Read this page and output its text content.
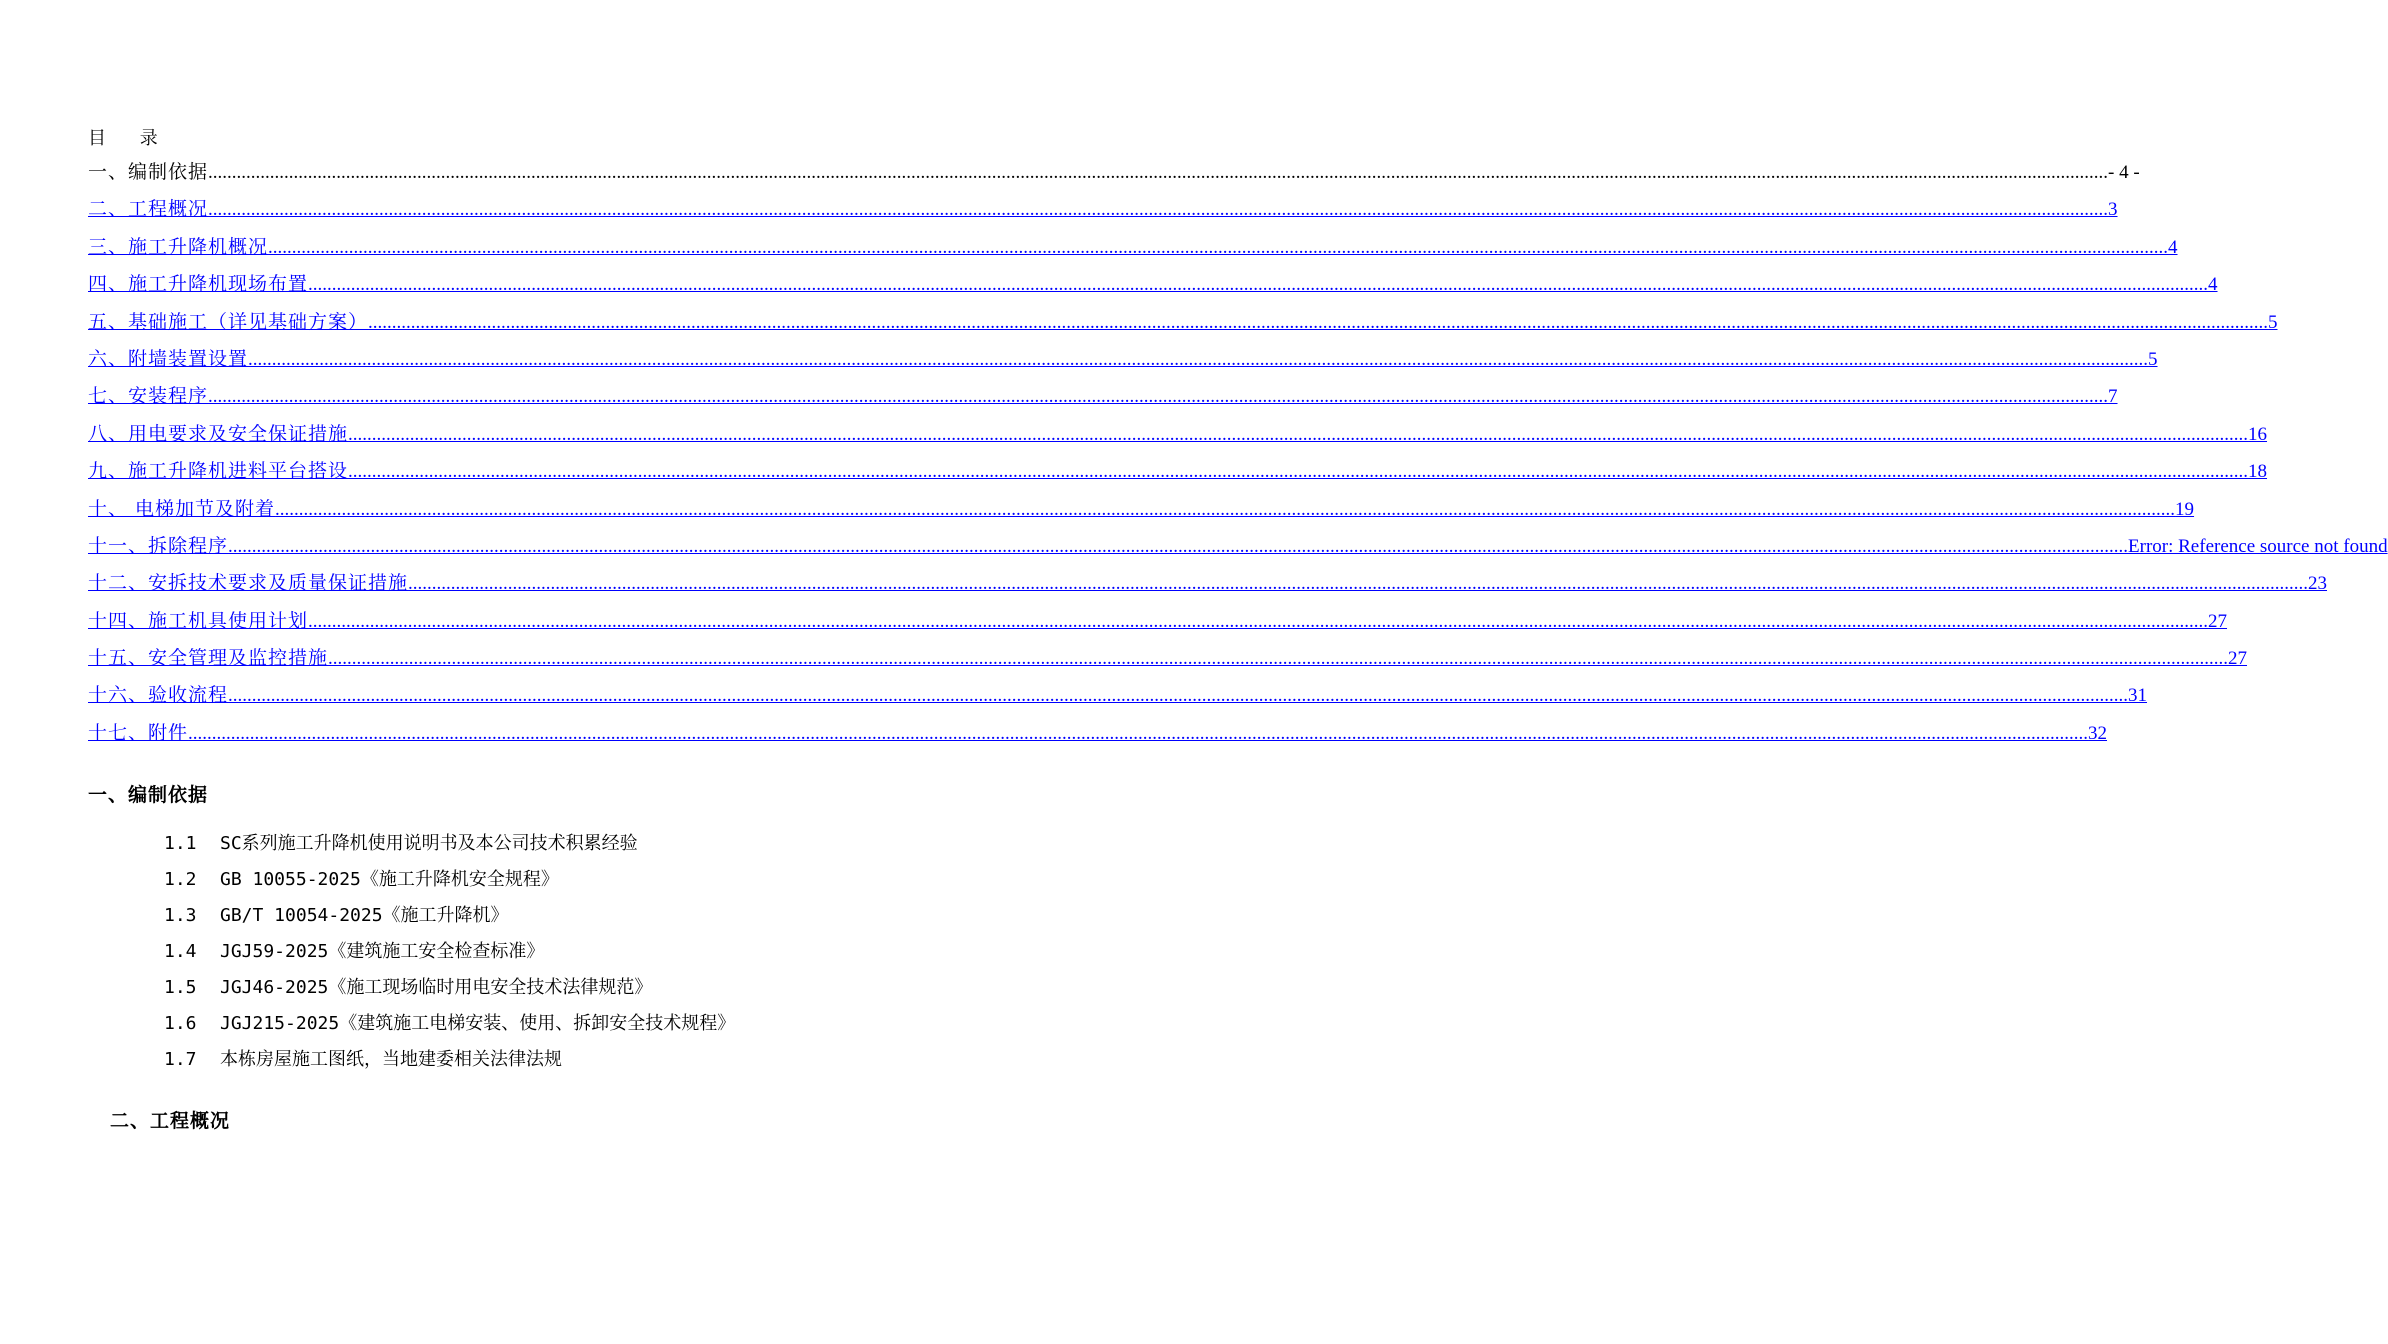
目 录
一、编制依据 ................................................................................................................................................................................................................................................................................................................................................................................................................ - 4 -
二、工程概况 ................................................................................................................................................................................................................................................................................................................................................................................................................ 3
三、施工升降机概况 ................................................................................................................................................................................................................................................................................................................................................................................................................ 4
四、施工升降机现场布置 ................................................................................................................................................................................................................................................................................................................................................................................................................ 4
五、基础施工（详见基础方案） ................................................................................................................................................................................................................................................................................................................................................................................................................ 5
六、附墙装置设置 ................................................................................................................................................................................................................................................................................................................................................................................................................ 5
七、安装程序 ................................................................................................................................................................................................................................................................................................................................................................................................................ 7
八、用电要求及安全保证措施 ................................................................................................................................................................................................................................................................................................................................................................................................................ 16
九、施工升降机进料平台搭设 ................................................................................................................................................................................................................................................................................................................................................................................................................ 18
十、 电梯加节及附着 ................................................................................................................................................................................................................................................................................................................................................................................................................ 19
十一、拆除程序 ................................................................................................................................................................................................................................................................................................................................................................................................................ Error: Reference source not found
十二、安拆技术要求及质量保证措施 ................................................................................................................................................................................................................................................................................................................................................................................................................ 23
十四、施工机具使用计划 ................................................................................................................................................................................................................................................................................................................................................................................................................ 27
十五、安全管理及监控措施 ................................................................................................................................................................................................................................................................................................................................................................................................................ 27
十六、验收流程 ................................................................................................................................................................................................................................................................................................................................................................................................................ 31
十七、附件 ................................................................................................................................................................................................................................................................................................................................................................................................................ 32
一、编制依据
1.1 SC系列施工升降机使用说明书及本公司技术积累经验
1.2 GB 10055-2025《施工升降机安全规程》
1.3 GB/T 10054-2025《施工升降机》
1.4 JGJ59-2025《建筑施工安全检查标准》
1.5 JGJ46-2025《施工现场临时用电安全技术法律规范》
1.6 JGJ215-2025《建筑施工电梯安装、使用、拆卸安全技术规程》
1.7 本栋房屋施工图纸，当地建委相关法律法规
二、工程概况
